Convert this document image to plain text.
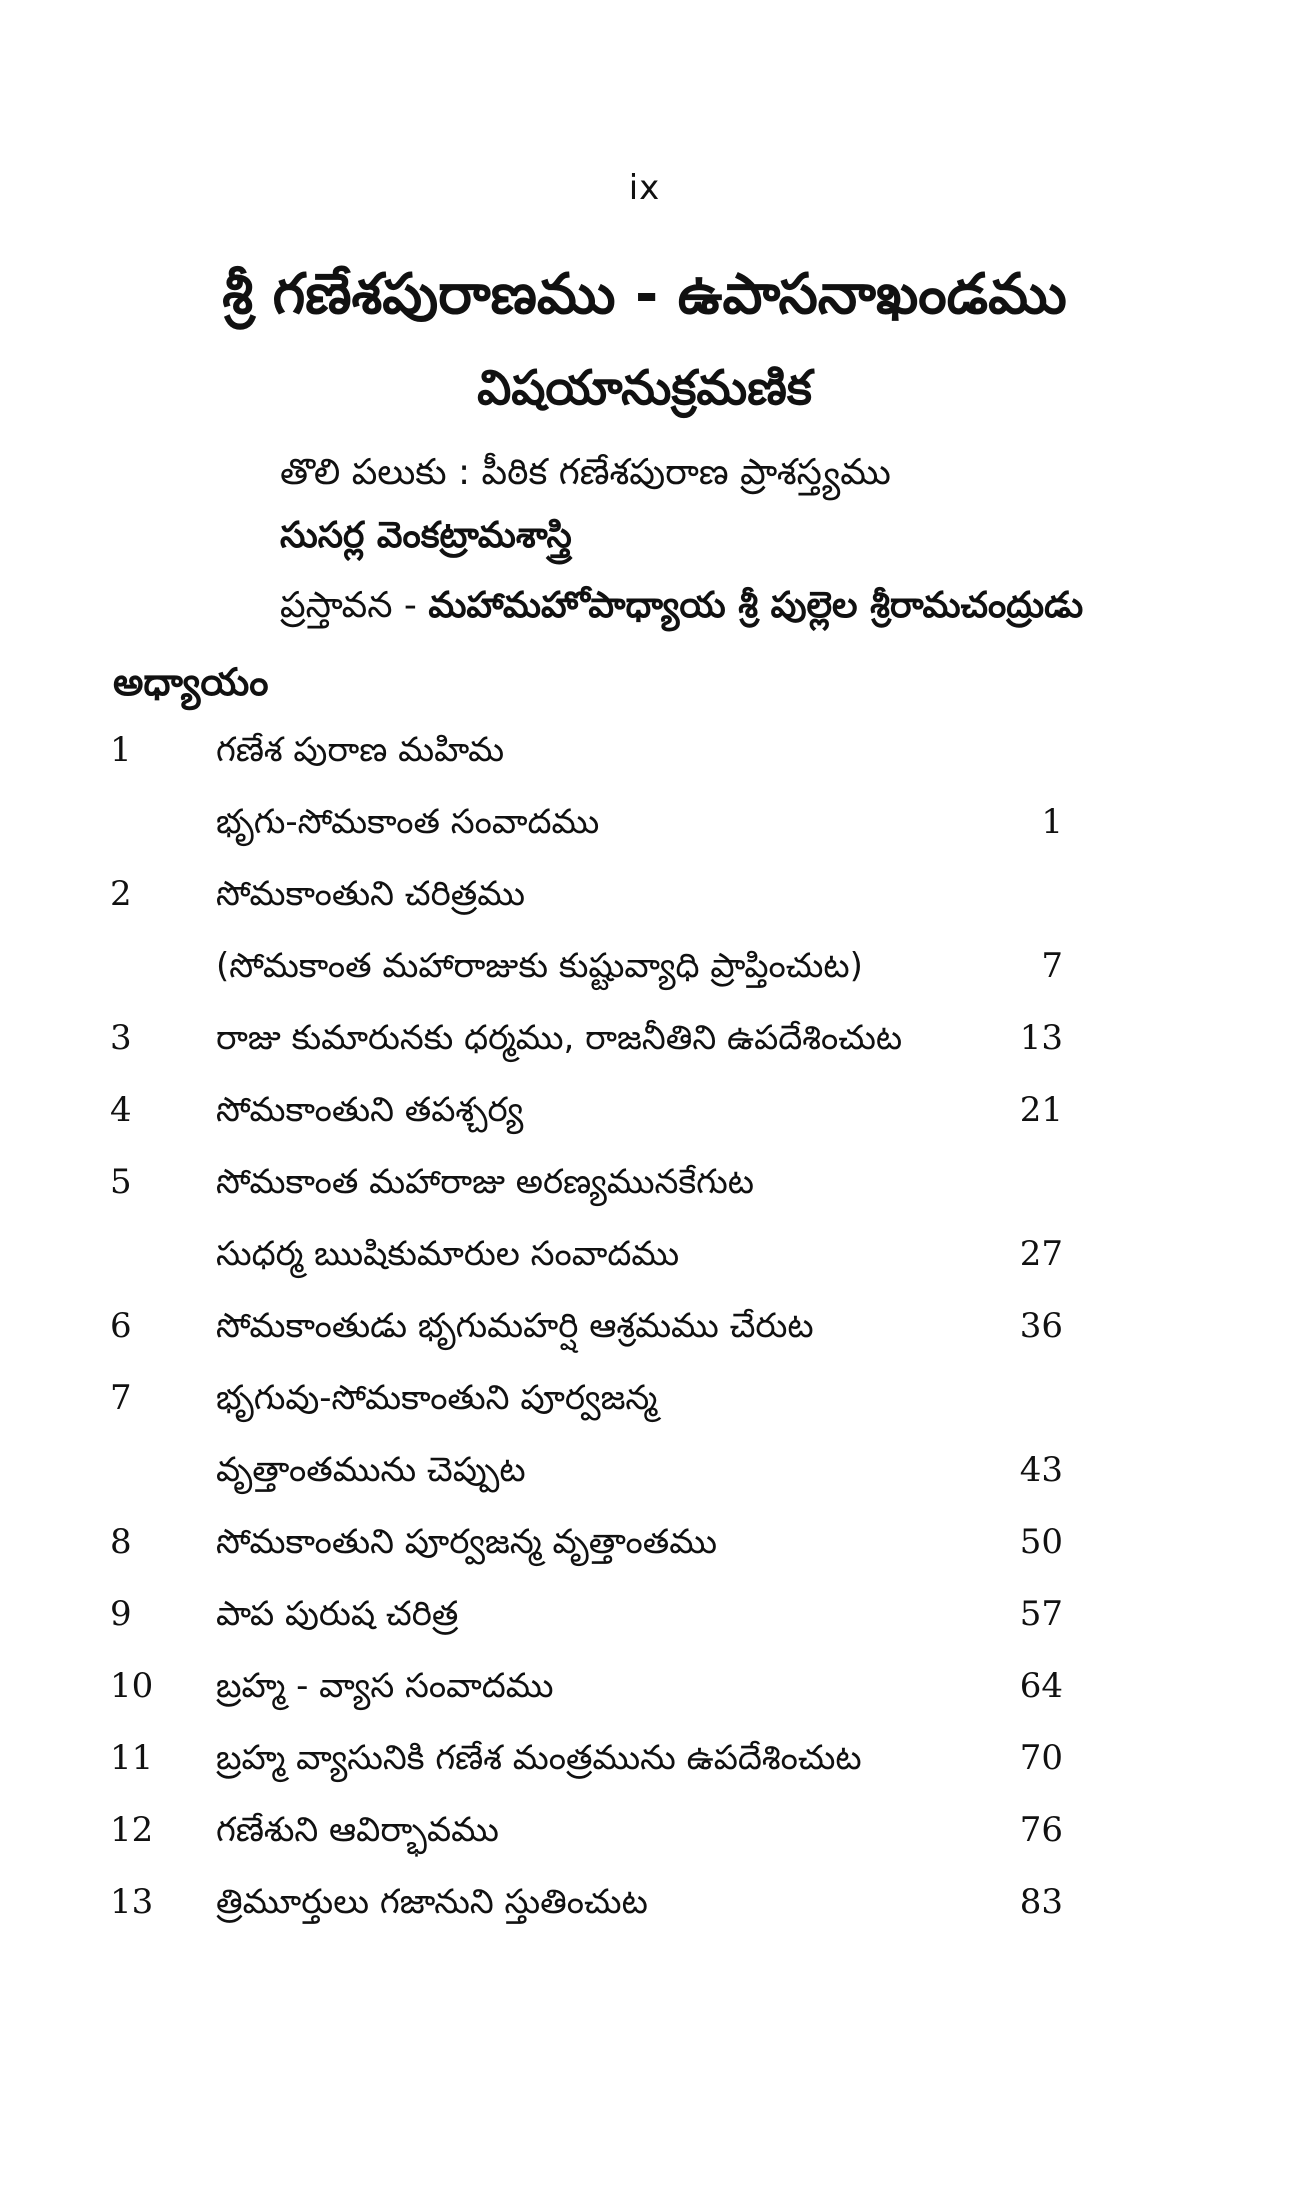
ix
శ్రీ గణేశపురాణము - ఉపాసనాఖండము
విషయానుక్రమణిక
తొలి పలుకు : పీఠిక గణేశపురాణ ప్రాశస్త్యము
సుసర్ల వెంకట్రామశాస్త్రి
ప్రస్తావన - మహామహోపాధ్యాయ శ్రీ పుల్లెల శ్రీరామచంద్రుడు
అధ్యాయం
1	గణేశ పురాణ మహిమ
భృగు-సోమకాంత సంవాదము	1
2	సోమకాంతుని చరిత్రము
(సోమకాంత మహారాజుకు కుష్టువ్యాధి ప్రాప్తించుట)	7
3	రాజు కుమారునకు ధర్మము, రాజనీతిని ఉపదేశించుట	13
4	సోమకాంతుని తపశ్చర్య	21
5	సోమకాంత మహారాజు అరణ్యమునకేగుట
సుధర్మ ఋషికుమారుల సంవాదము	27
6	సోమకాంతుడు భృగుమహర్షి ఆశ్రమము చేరుట	36
7	భృగువు-సోమకాంతుని పూర్వజన్మ
వృత్తాంతమును చెప్పుట	43
8	సోమకాంతుని పూర్వజన్మ వృత్తాంతము	50
9	పాప పురుష చరిత్ర	57
10	బ్రహ్మ - వ్యాస సంవాదము	64
11	బ్రహ్మ వ్యాసునికి గణేశ మంత్రమును ఉపదేశించుట	70
12	గణేశుని ఆవిర్భావము	76
13	త్రిమూర్తులు గజానుని స్తుతించుట	83
